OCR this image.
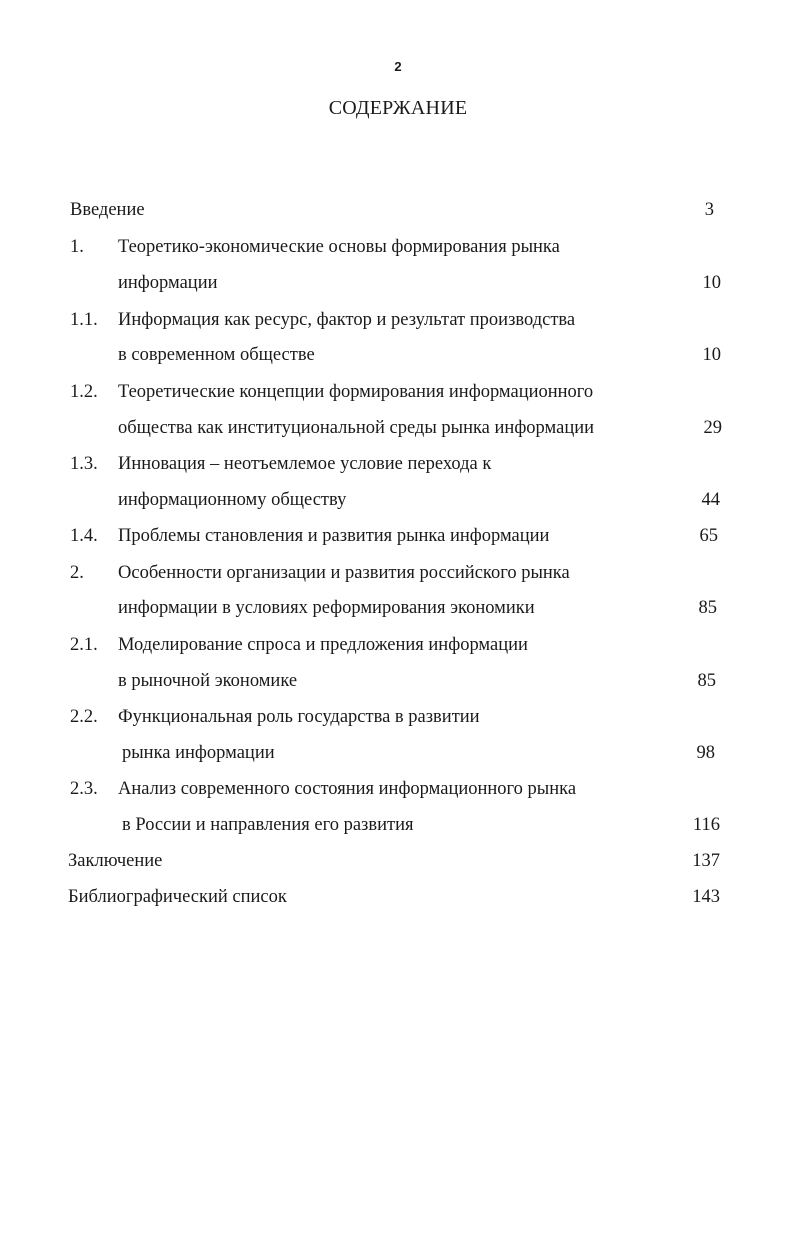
2
СОДЕРЖАНИЕ
Введение	3
1. Теоретико-экономические основы формирования рынка
информации	10
1.1. Информация как ресурс, фактор и результат производства
в современном обществе	10
1.2. Теоретические концепции формирования информационного
общества как институциональной среды рынка информации	29
1.3. Инновация – неотъемлемое условие перехода к
информационному обществу	44
1.4. Проблемы становления и развития рынка информации	65
2. Особенности организации и развития российского рынка
информации в условиях реформирования экономики	85
2.1. Моделирование спроса и предложения информации
в рыночной экономике	85
2.2. Функциональная роль государства в развитии
рынка информации	98
2.3. Анализ современного состояния информационного рынка
в России и направления его развития	116
Заключение	137
Библиографический список	143
